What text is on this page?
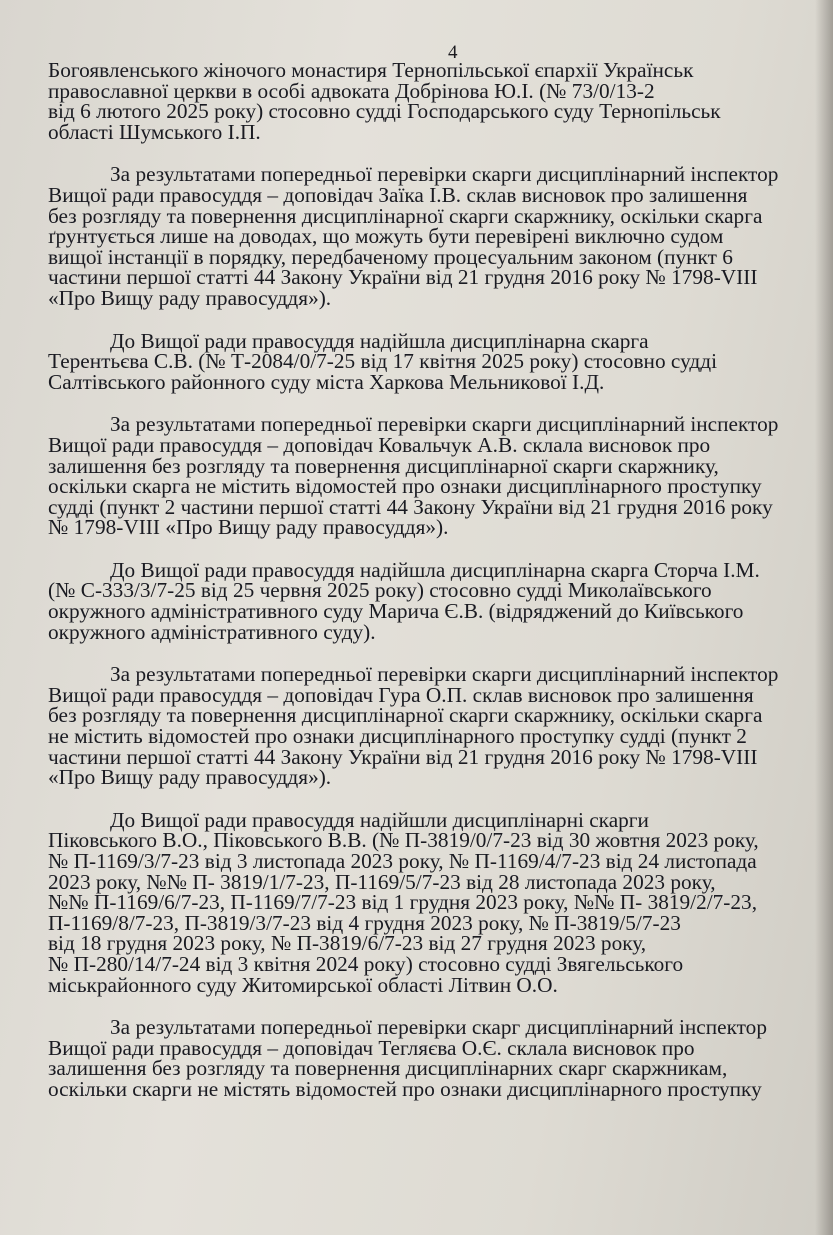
4
Богоявленського жіночого монастиря Тернопільської єпархії Українськ
православної церкви в особі адвоката Добрінова Ю.І. (№ 73/0/13-2
від 6 лютого 2025 року) стосовно судді Господарського суду Тернопільськ
області Шумського І.П.
За результатами попередньої перевірки скарги дисциплінарний інспектор
Вищої ради правосуддя – доповідач Заїка І.В. склав висновок про залишення
без розгляду та повернення дисциплінарної скарги скаржнику, оскільки скарга
ґрунтується лише на доводах, що можуть бути перевірені виключно судом
вищої інстанції в порядку, передбаченому процесуальним законом (пункт 6
частини першої статті 44 Закону України від 21 грудня 2016 року № 1798-VIII
«Про Вищу раду правосуддя»).
До Вищої ради правосуддя надійшла дисциплінарна скарга
Терентьєва С.В. (№ Т-2084/0/7-25 від 17 квітня 2025 року) стосовно судді
Салтівського районного суду міста Харкова Мельникової І.Д.
За результатами попередньої перевірки скарги дисциплінарний інспектор
Вищої ради правосуддя – доповідач Ковальчук А.В. склала висновок про
залишення без розгляду та повернення дисциплінарної скарги скаржнику,
оскільки скарга не містить відомостей про ознаки дисциплінарного проступку
судді (пункт 2 частини першої статті 44 Закону України від 21 грудня 2016 року
№ 1798-VIII «Про Вищу раду правосуддя»).
До Вищої ради правосуддя надійшла дисциплінарна скарга Сторча І.М.
(№ С-333/3/7-25 від 25 червня 2025 року) стосовно судді Миколаївського
окружного адміністративного суду Марича Є.В. (відряджений до Київського
окружного адміністративного суду).
За результатами попередньої перевірки скарги дисциплінарний інспектор
Вищої ради правосуддя – доповідач Гура О.П. склав висновок про залишення
без розгляду та повернення дисциплінарної скарги скаржнику, оскільки скарга
не містить відомостей про ознаки дисциплінарного проступку судді (пункт 2
частини першої статті 44 Закону України від 21 грудня 2016 року № 1798-VIII
«Про Вищу раду правосуддя»).
До Вищої ради правосуддя надійшли дисциплінарні скарги
Піковського В.О., Піковського В.В. (№ П-3819/0/7-23 від 30 жовтня 2023 року,
№ П-1169/3/7-23 від 3 листопада 2023 року, № П-1169/4/7-23 від 24 листопада
2023 року, №№ П- 3819/1/7-23, П-1169/5/7-23 від 28 листопада 2023 року,
№№ П-1169/6/7-23, П-1169/7/7-23 від 1 грудня 2023 року, №№ П- 3819/2/7-23,
П-1169/8/7-23, П-3819/3/7-23 від 4 грудня 2023 року, № П-3819/5/7-23
від 18 грудня 2023 року, № П-3819/6/7-23 від 27 грудня 2023 року,
№ П-280/14/7-24 від 3 квітня 2024 року) стосовно судді Звягельського
міськрайонного суду Житомирської області Літвин О.О.
За результатами попередньої перевірки скарг дисциплінарний інспектор
Вищої ради правосуддя – доповідач Тегляєва О.Є. склала висновок про
залишення без розгляду та повернення дисциплінарних скарг скаржникам,
оскільки скарги не містять відомостей про ознаки дисциплінарного проступку
